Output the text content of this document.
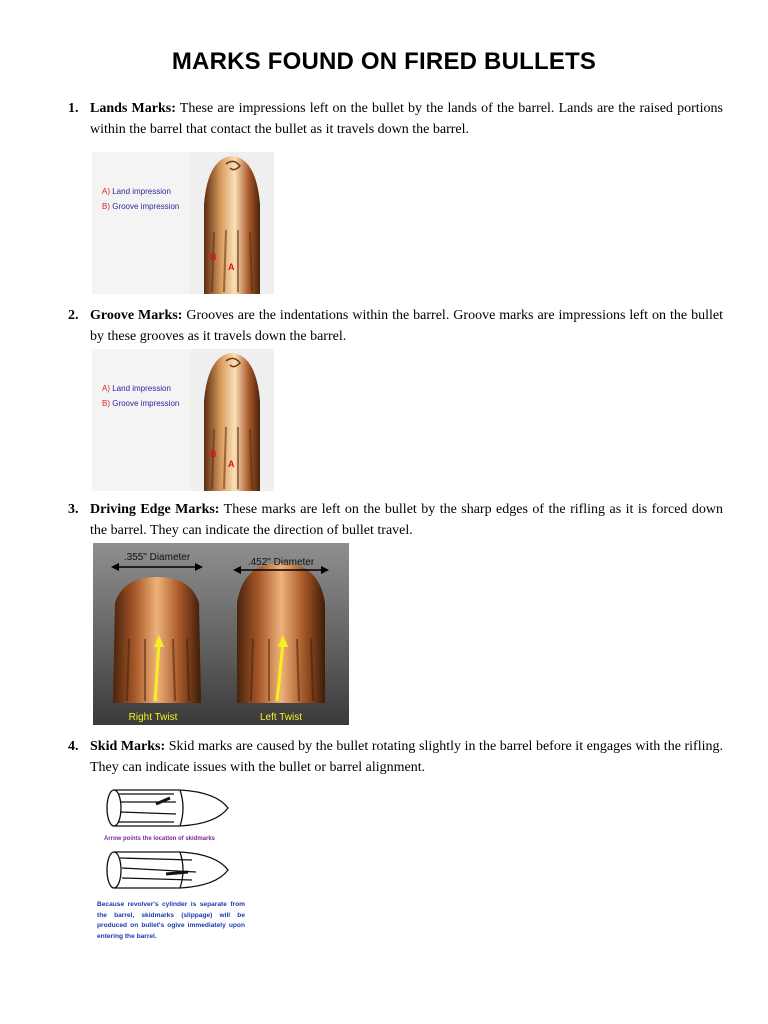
MARKS FOUND ON FIRED BULLETS
1. Lands Marks: These are impressions left on the bullet by the lands of the barrel. Lands are the raised portions within the barrel that contact the bullet as it travels down the barrel.
A) Land impression
B) Groove impression
B
A
2. Groove Marks: Grooves are the indentations within the barrel. Groove marks are impressions left on the bullet by these grooves as it travels down the barrel.
A) Land impression
B) Groove impression
B
A
3. Driving Edge Marks: These marks are left on the bullet by the sharp edges of the rifling as it is forced down the barrel. They can indicate the direction of bullet travel.
.355" Diameter	.452" Diameter
Right Twist	Left Twist
4. Skid Marks: Skid marks are caused by the bullet rotating slightly in the barrel before it engages with the rifling. They can indicate issues with the bullet or barrel alignment.
Arrow points the location of skidmarks
Because revolver's cylinder is separate from the barrel, skidmarks (slippage) will be produced on bullet's ogive immediately upon entering the barrel.
